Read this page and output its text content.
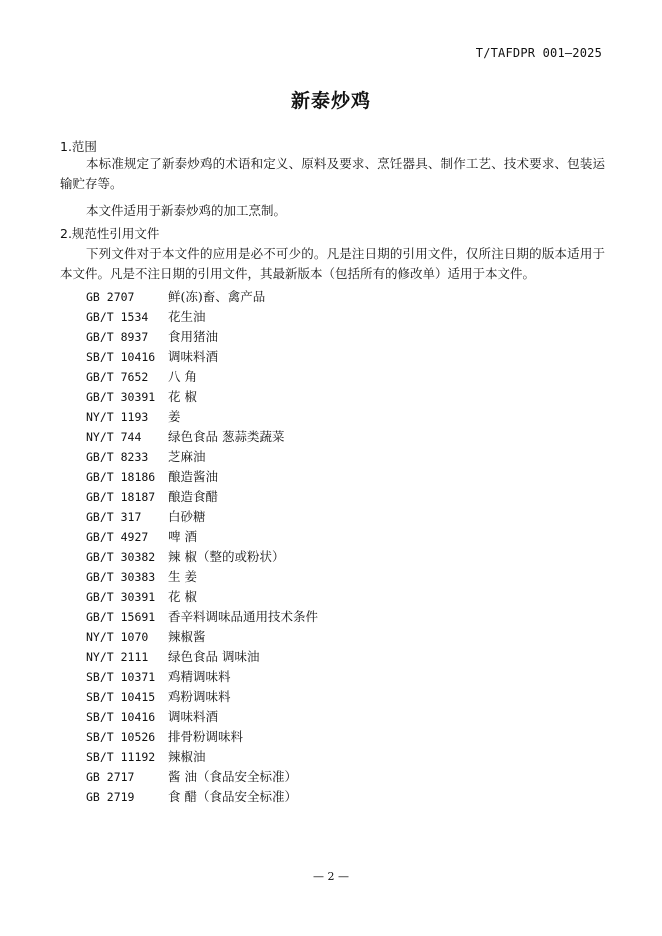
T/TAFDPR 001—2025
新泰炒鸡
1.范围
本标准规定了新泰炒鸡的术语和定义、原料及要求、烹饪器具、制作工艺、技术要求、包装运输贮存等。
本文件适用于新泰炒鸡的加工烹制。
2.规范性引用文件
下列文件对于本文件的应用是必不可少的。凡是注日期的引用文件，仅所注日期的版本适用于本文件。凡是不注日期的引用文件，其最新版本（包括所有的修改单）适用于本文件。
GB 2707	鲜(冻)畜、禽产品
GB/T 1534 花生油
GB/T 8937 食用猪油
SB/T 10416 调味料酒
GB/T 7652 八 角
GB/T 30391 花 椒
NY/T 1193 姜
NY/T 744 绿色食品 葱蒜类蔬菜
GB/T 8233 芝麻油
GB/T 18186 酿造酱油
GB/T 18187 酿造食醋
GB/T 317 白砂糖
GB/T 4927 啤 酒
GB/T 30382 辣 椒（整的或粉状）
GB/T 30383 生 姜
GB/T 30391 花 椒
GB/T 15691 香辛料调味品通用技术条件
NY/T 1070 辣椒酱
NY/T 2111 绿色食品 调味油
SB/T 10371 鸡精调味料
SB/T 10415 鸡粉调味料
SB/T 10416 调味料酒
SB/T 10526 排骨粉调味料
SB/T 11192 辣椒油
GB 2717	酱 油（食品安全标准）
GB 2719	食 醋（食品安全标准）
— 2 —
